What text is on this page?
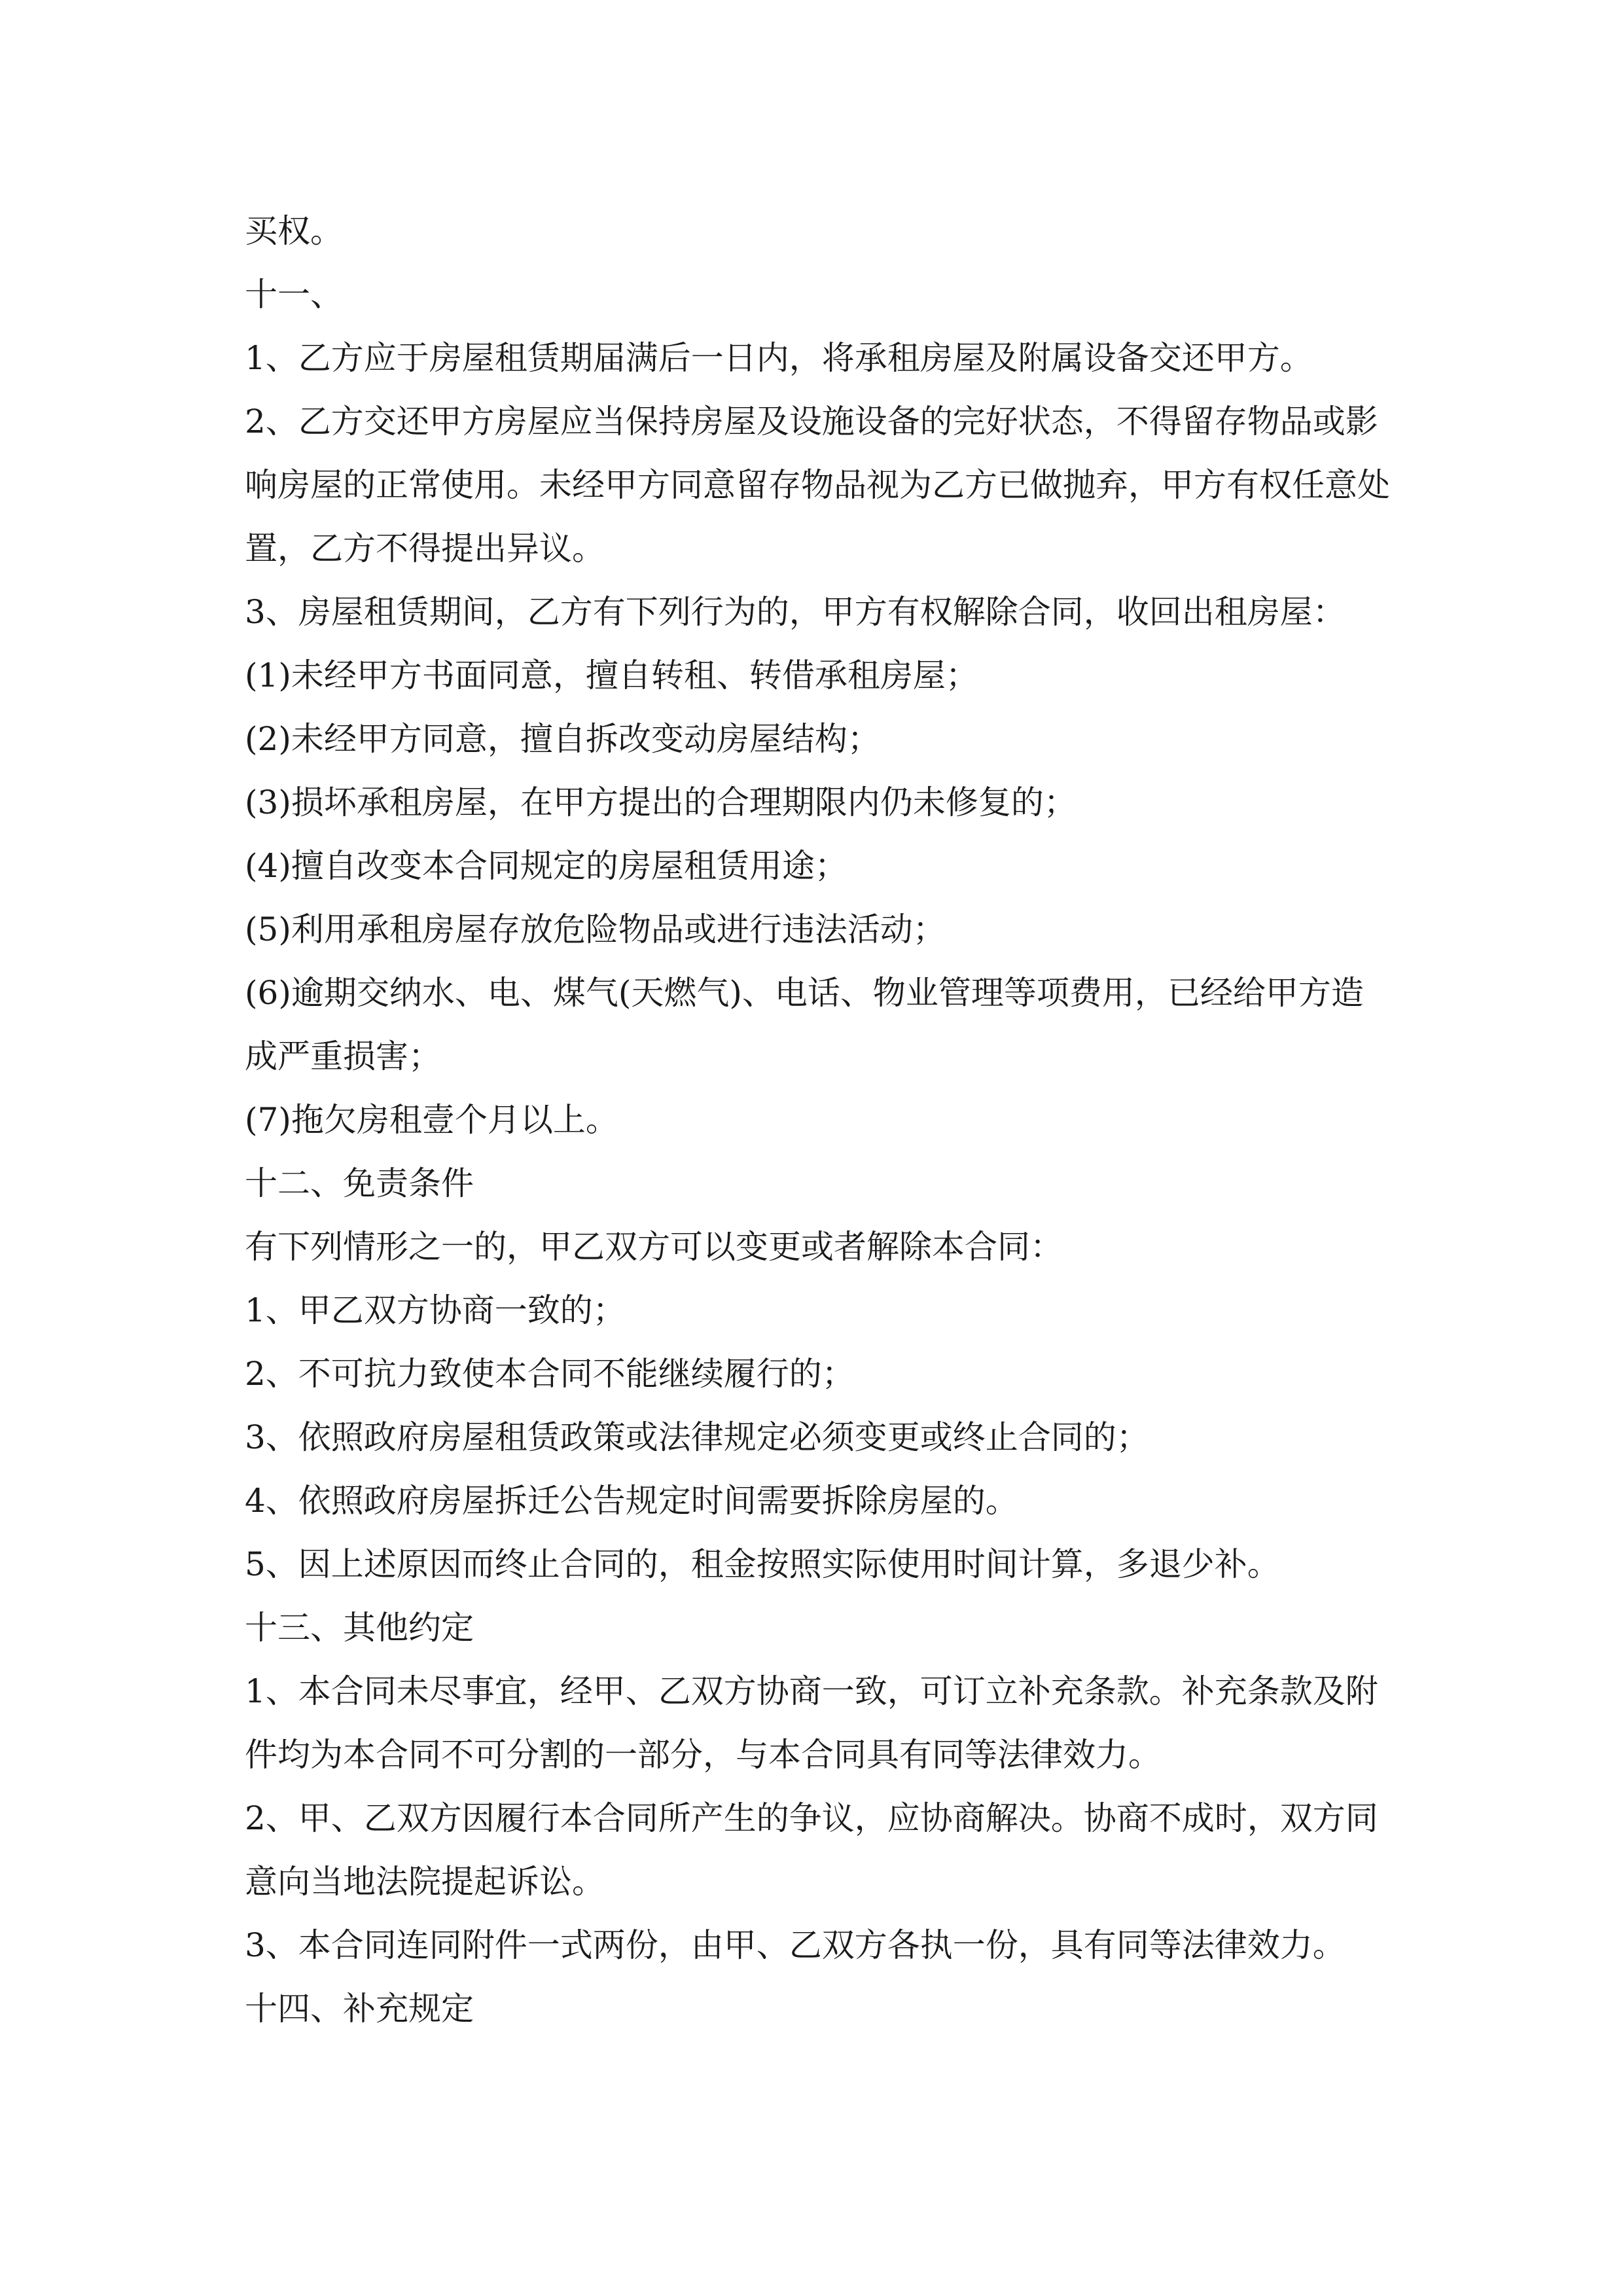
买权。
十一、
1、乙方应于房屋租赁期届满后一日内，将承租房屋及附属设备交还甲方。
2、乙方交还甲方房屋应当保持房屋及设施设备的完好状态，不得留存物品或影
响房屋的正常使用。未经甲方同意留存物品视为乙方已做抛弃，甲方有权任意处
置，乙方不得提出异议。
3、房屋租赁期间，乙方有下列行为的，甲方有权解除合同，收回出租房屋：
(1)未经甲方书面同意，擅自转租、转借承租房屋；
(2)未经甲方同意，擅自拆改变动房屋结构；
(3)损坏承租房屋，在甲方提出的合理期限内仍未修复的；
(4)擅自改变本合同规定的房屋租赁用途；
(5)利用承租房屋存放危险物品或进行违法活动；
(6)逾期交纳水、电、煤气(天燃气)、电话、物业管理等项费用，已经给甲方造
成严重损害；
(7)拖欠房租壹个月以上。
十二、免责条件
有下列情形之一的，甲乙双方可以变更或者解除本合同：
1、甲乙双方协商一致的；
2、不可抗力致使本合同不能继续履行的；
3、依照政府房屋租赁政策或法律规定必须变更或终止合同的；
4、依照政府房屋拆迁公告规定时间需要拆除房屋的。
5、因上述原因而终止合同的，租金按照实际使用时间计算，多退少补。
十三、其他约定
1、本合同未尽事宜，经甲、乙双方协商一致，可订立补充条款。补充条款及附
件均为本合同不可分割的一部分，与本合同具有同等法律效力。
2、甲、乙双方因履行本合同所产生的争议，应协商解决。协商不成时，双方同
意向当地法院提起诉讼。
3、本合同连同附件一式两份，由甲、乙双方各执一份，具有同等法律效力。
十四、补充规定
